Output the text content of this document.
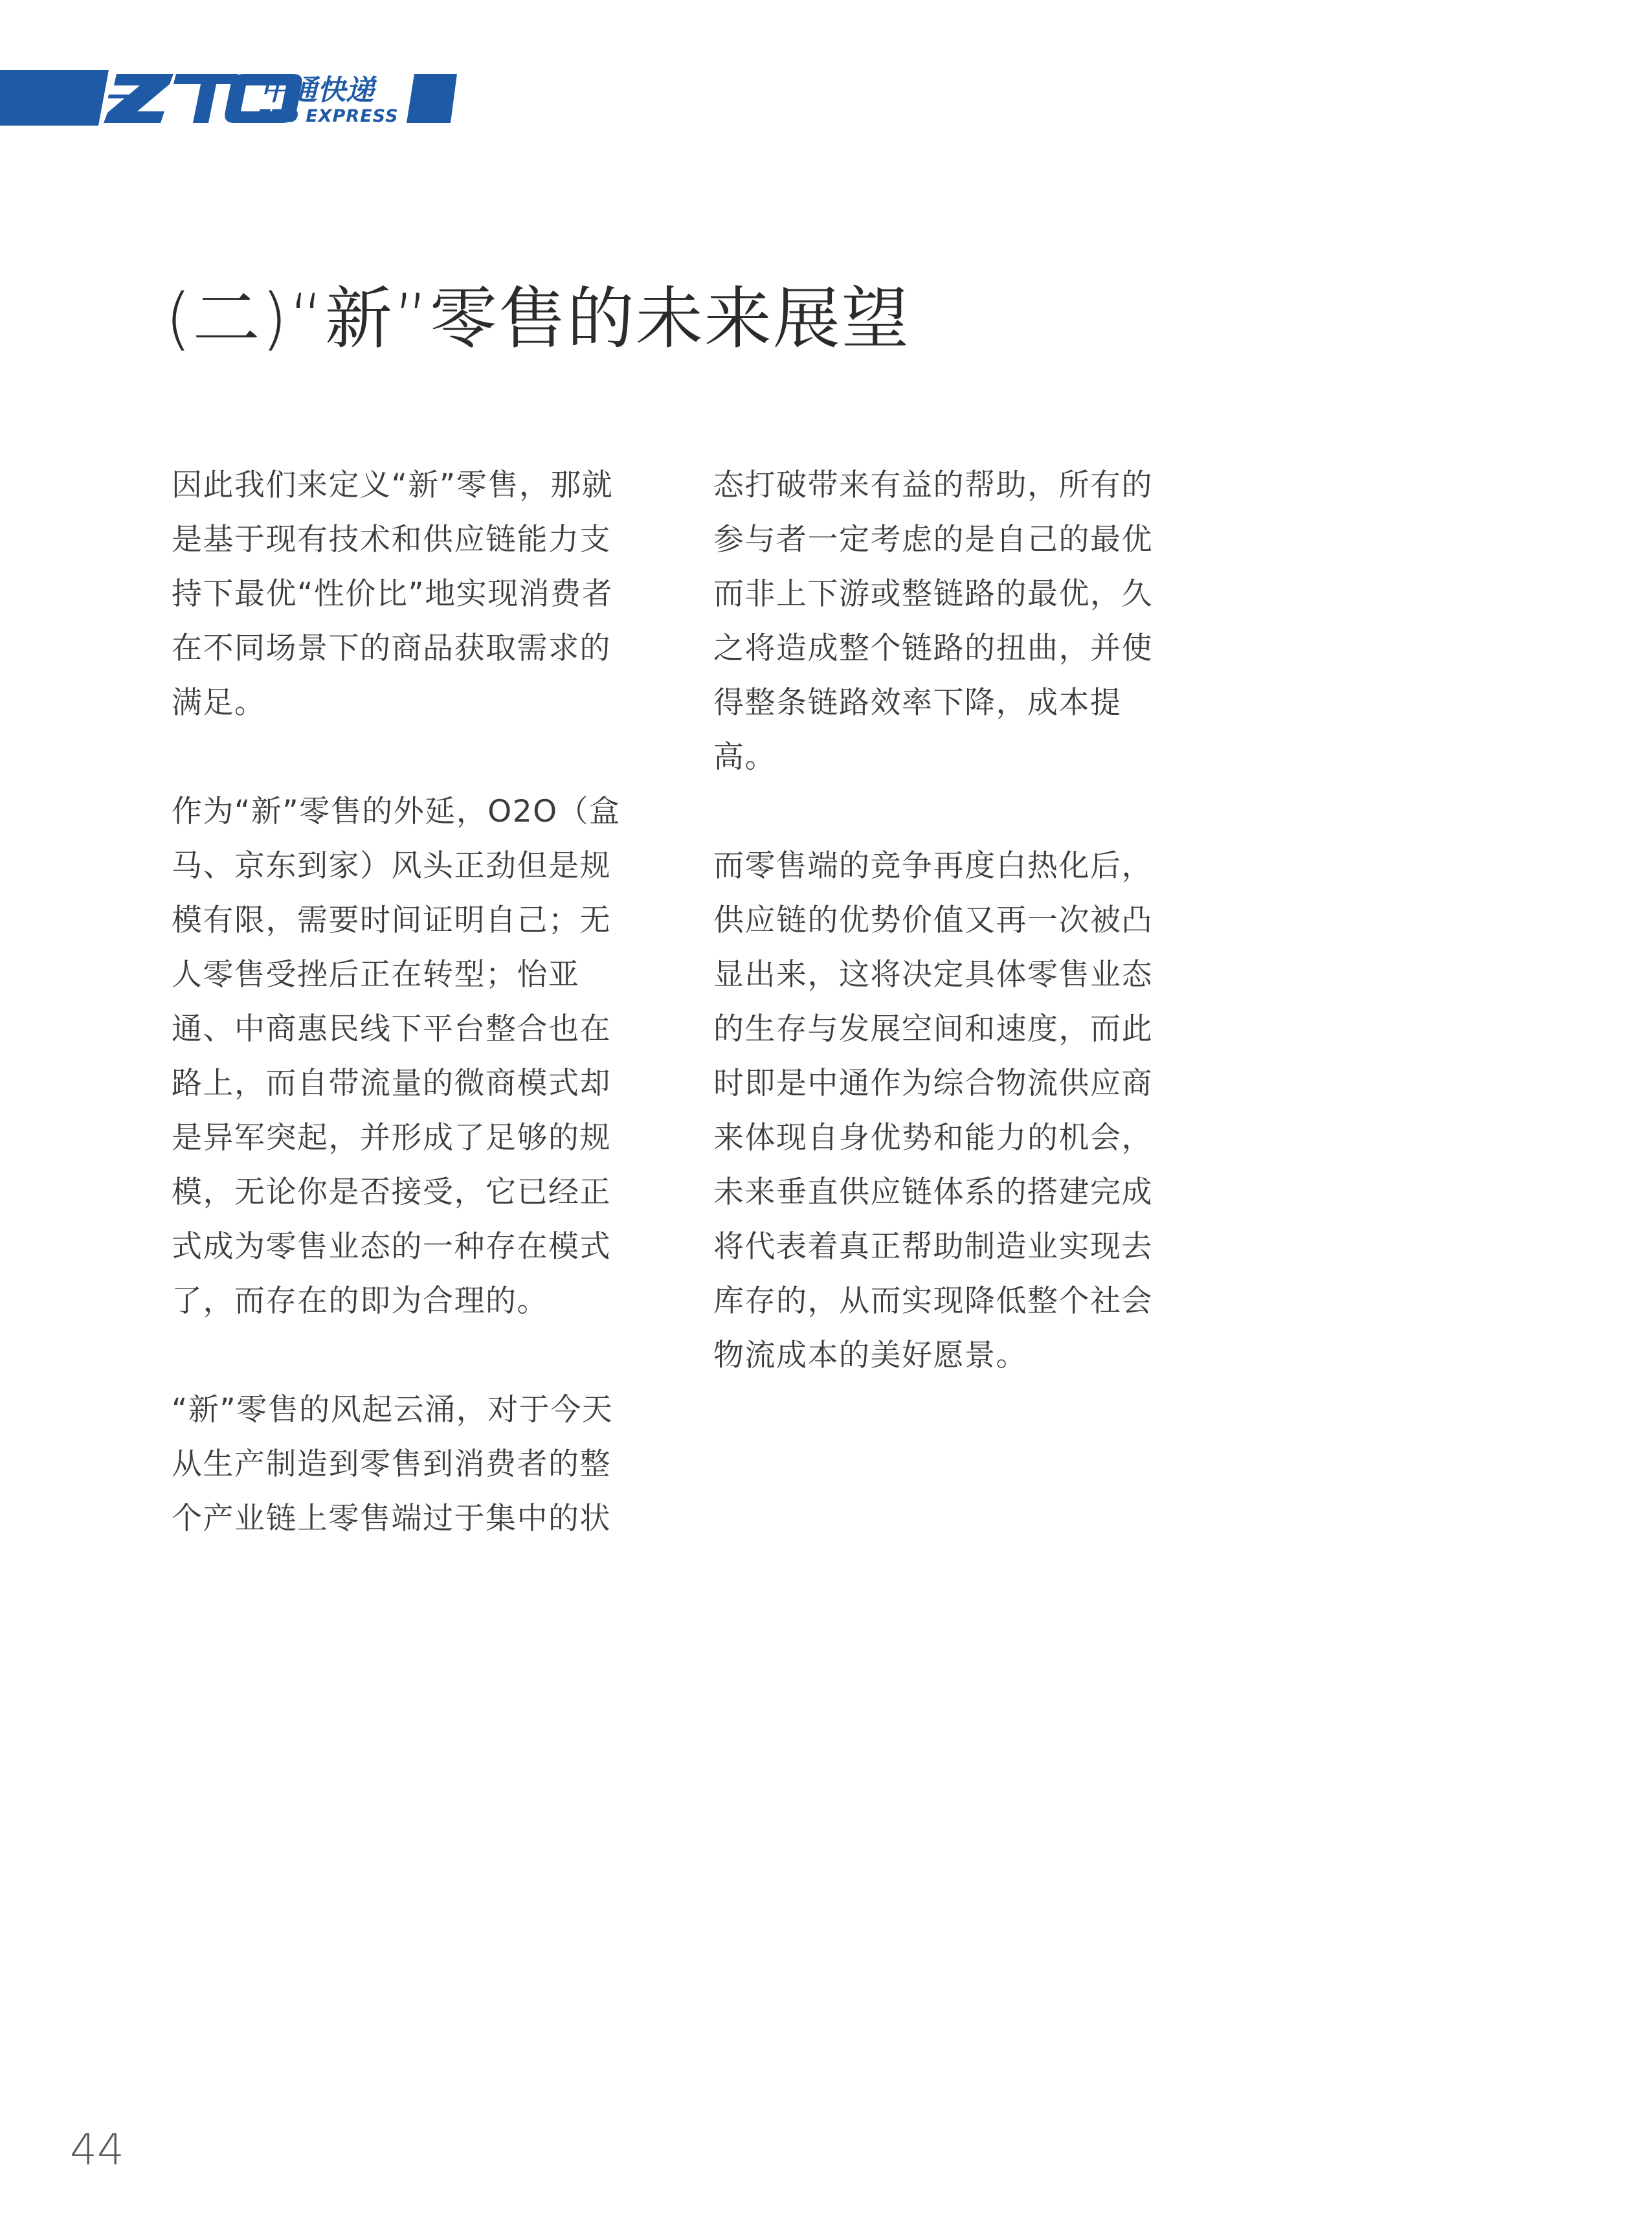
中通快递
ZTO EXPRESS
(二)“新”零售的未来展望

因此我们来定义“新”零售，那就
是基于现有技术和供应链能力支
持下最优“性价比”地实现消费者
在不同场景下的商品获取需求的
满足。

作为“新”零售的外延，O2O（盒
马、京东到家）风头正劲但是规
模有限，需要时间证明自己；无
人零售受挫后正在转型；怡亚
通、中商惠民线下平台整合也在
路上，而自带流量的微商模式却
是异军突起，并形成了足够的规
模，无论你是否接受，它已经正
式成为零售业态的一种存在模式
了，而存在的即为合理的。

“新”零售的风起云涌，对于今天
从生产制造到零售到消费者的整
个产业链上零售端过于集中的状

态打破带来有益的帮助，所有的
参与者一定考虑的是自己的最优
而非上下游或整链路的最优，久
之将造成整个链路的扭曲，并使
得整条链路效率下降，成本提
高。

而零售端的竞争再度白热化后，
供应链的优势价值又再一次被凸
显出来，这将决定具体零售业态
的生存与发展空间和速度，而此
时即是中通作为综合物流供应商
来体现自身优势和能力的机会，
未来垂直供应链体系的搭建完成
将代表着真正帮助制造业实现去
库存的，从而实现降低整个社会
物流成本的美好愿景。

44
